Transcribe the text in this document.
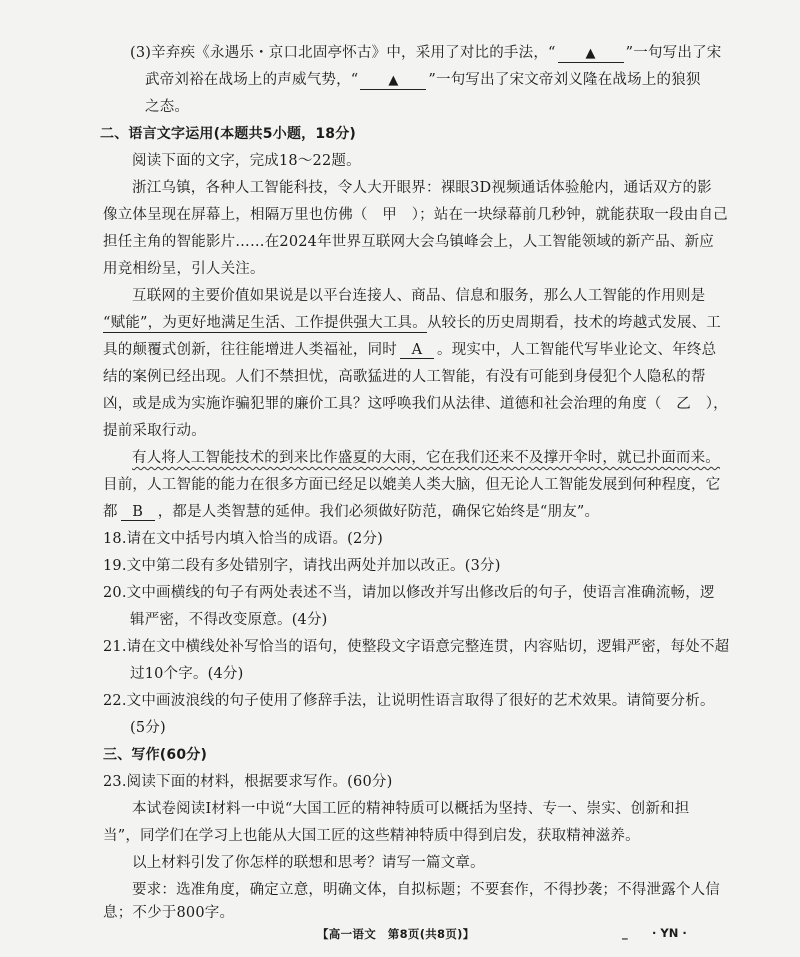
(3)辛弃疾《永遇乐・京口北固亭怀古》中，采用了对比的手法，“ ▲ ”一句写出了宋
武帝刘裕在战场上的声威气势，“ ▲ ”一句写出了宋文帝刘义隆在战场上的狼狈
之态。
二、语言文字运用(本题共5小题，18分)
阅读下面的文字，完成18～22题。
浙江乌镇，各种人工智能科技，令人大开眼界：裸眼3D视频通话体验舱内，通话双方的影
像立体呈现在屏幕上，相隔万里也仿佛（　甲　）；站在一块绿幕前几秒钟，就能获取一段由自己
担任主角的智能影片……在2024年世界互联网大会乌镇峰会上，人工智能领域的新产品、新应
用竞相纷呈，引人关注。
互联网的主要价值如果说是以平台连接人、商品、信息和服务，那么人工智能的作用则是
“赋能”，为更好地满足生活、工作提供强大工具。从较长的历史周期看，技术的垮越式发展、工
具的颠覆式创新，往往能增进人类福祉，同时 A 。现实中，人工智能代写毕业论文、年终总
结的案例已经出现。人们不禁担忧，高歌猛进的人工智能，有没有可能到身侵犯个人隐私的帮
凶，或是成为实施诈骗犯罪的廉价工具？这呼唤我们从法律、道德和社会治理的角度（　乙　），
提前采取行动。
有人将人工智能技术的到来比作盛夏的大雨，它在我们还来不及撑开伞时，就已扑面而来。
目前，人工智能的能力在很多方面已经足以媲美人类大脑，但无论人工智能发展到何种程度，它
都 B ，都是人类智慧的延伸。我们必须做好防范，确保它始终是“朋友”。
18.请在文中括号内填入恰当的成语。(2分)
19.文中第二段有多处错别字，请找出两处并加以改正。(3分)
20.文中画横线的句子有两处表述不当，请加以修改并写出修改后的句子，使语言准确流畅，逻
辑严密，不得改变原意。(4分)
21.请在文中横线处补写恰当的语句，使整段文字语意完整连贯，内容贴切，逻辑严密，每处不超
过10个字。(4分)
22.文中画波浪线的句子使用了修辞手法，让说明性语言取得了很好的艺术效果。请简要分析。
(5分)
三、写作(60分)
23.阅读下面的材料，根据要求写作。(60分)
本试卷阅读Ⅰ材料一中说“大国工匠的精神特质可以概括为坚持、专一、崇实、创新和担
当”，同学们在学习上也能从大国工匠的这些精神特质中得到启发，获取精神滋养。
以上材料引发了你怎样的联想和思考？请写一篇文章。
要求：选准角度，确定立意，明确文体，自拟标题；不要套作，不得抄袭；不得泄露个人信
息；不少于800字。
【高一语文　第8页(共8页)】	_ · YN ·
